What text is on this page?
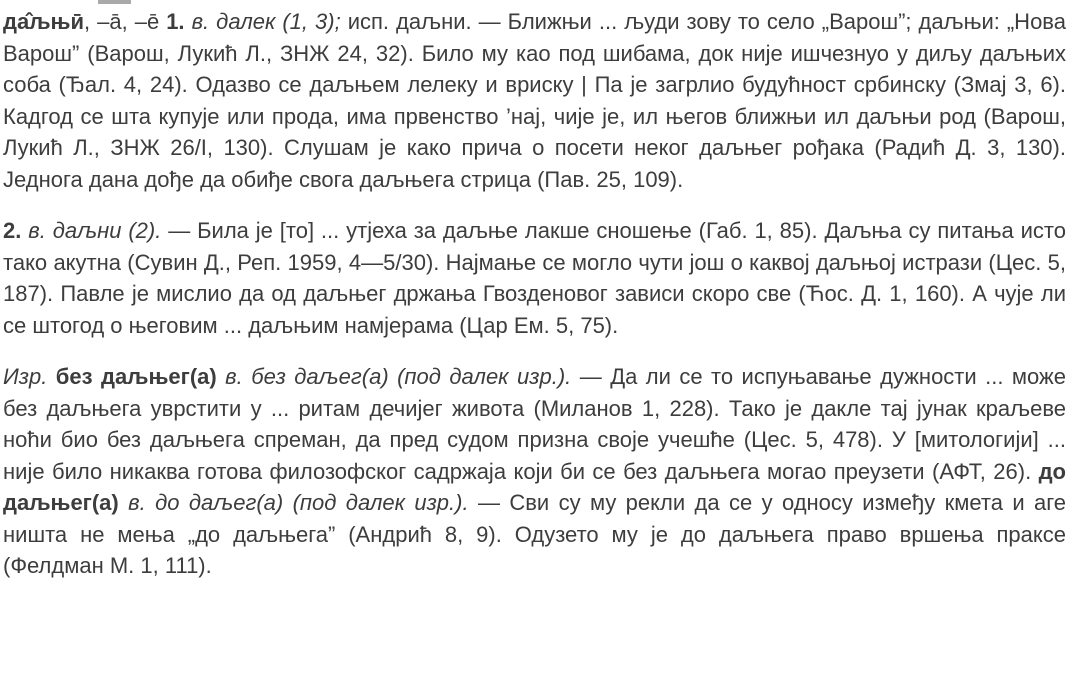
да̂љњӣ, –а̄, –е̄ 1. в. далек (1, 3); исп. даљни. — Ближњи ... људи зову то село „Варош”; даљњи: „Нова Варош” (Варош, Лукић Л., ЗНЖ 24, 32). Било му као под шибама, док није ишчезнуо у диљу даљњих соба (Ђал. 4, 24). Одазво се даљњем лелеку и вриску | Па је загрлио будућност србинску (Змај 3, 6). Кадгод се шта купује или прода, има првенство ’нај, чије је, ил његов ближњи ил даљњи род (Варош, Лукић Л., ЗНЖ 26/I, 130). Слушам је како прича о посети неког даљњег рођака (Радић Д. 3, 130). Једнога дана дође да обиђе свога даљњега стрица (Пав. 25, 109).

2. в. даљни (2). — Била је [то] ... утјеха за даљње лакше сношење (Габ. 1, 85). Даљња су питања исто тако акутна (Сувин Д., Реп. 1959, 4—5/30). Најмање се могло чути још о каквој даљњој истрази (Цес. 5, 187). Павле је мислио да од даљњег држања Гвозденовог зависи скоро све (Ћос. Д. 1, 160). А чује ли се штогод о његовим ... даљњим намјерама (Цар Ем. 5, 75).

Изр. без даљњег(а) в. без даљег(а) (под далек изр.). — Да ли се то испуњавање дужности ... може без даљњега уврстити у ... ритам дечијег живота (Миланов 1, 228). Тако је дакле тај јунак краљеве ноћи био без даљњега спреман, да пред судом призна своје учешће (Цес. 5, 478). У [митологији] ... није било никаква готова филозофског садржаја који би се без даљњега могао преузети (АФТ, 26). до даљњег(а) в. до даљег(а) (под далек изр.). — Сви су му рекли да се у односу између кмета и аге ништа не мења „до даљњега” (Андрић 8, 9). Одузето му је до даљњега право вршења праксе (Фелдман М. 1, 111).
